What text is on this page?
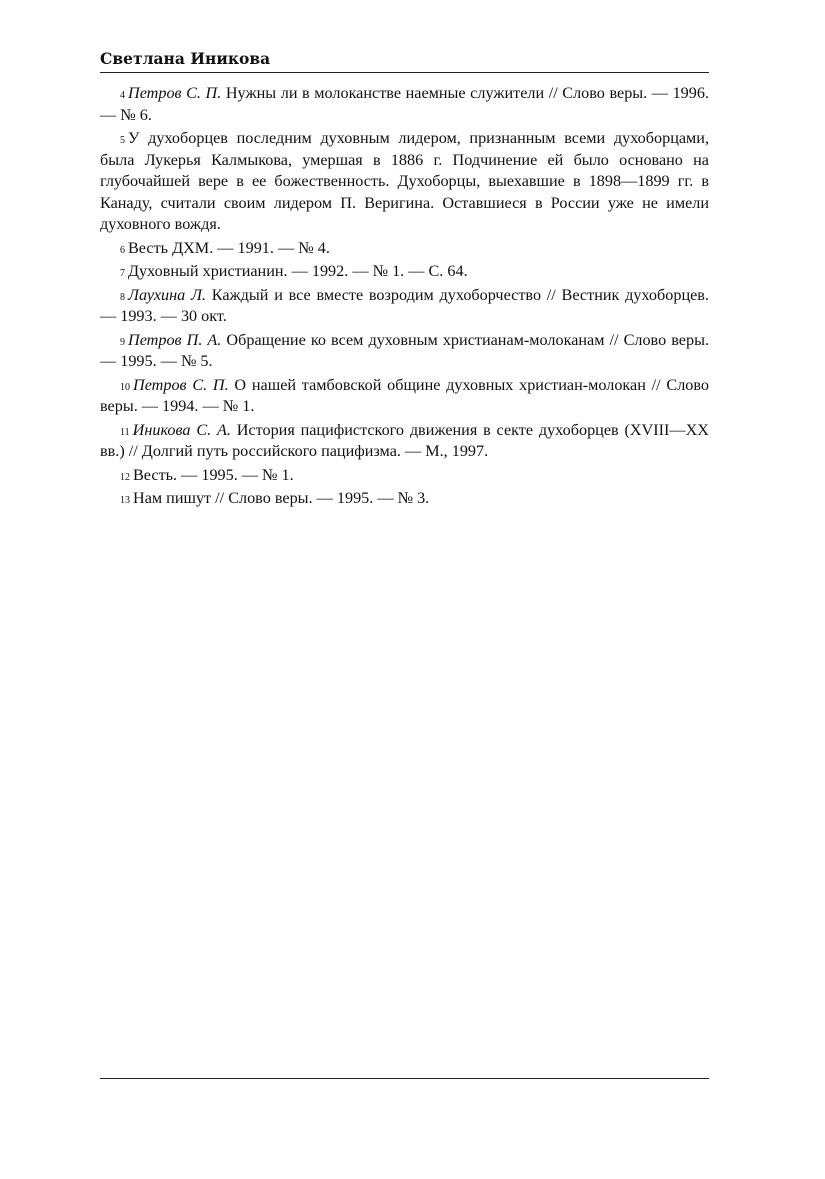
Светлана Иникова

$^4$ Петров С. П. Нужны ли в молоканстве наемные служители // Слово веры. — 1996. — № 6.

$^5$ У духоборцев последним духовным лидером, признанным всеми духоборцами, была Лукерья Калмыкова, умершая в 1886 г. Подчинение ей было основано на глубочайшей вере в ее божественность. Духоборцы, выехавшие в 1898—1899 гг. в Канаду, считали своим лидером П. Веригина. Оставшиеся в России уже не имели духовного вождя.

$^6$ Весть ДХМ. — 1991. — № 4.

$^7$ Духовный христианин. — 1992. — № 1. — С. 64.

$^8$ Лаухина Л. Каждый и все вместе возродим духоборчество // Вестник духоборцев. — 1993. — 30 окт.

$^9$ Петров П. А. Обращение ко всем духовным христианам-молоканам // Слово веры. — 1995. — № 5.

$^{10}$ Петров С. П. О нашей тамбовской общине духовных христиан-молокан // Слово веры. — 1994. — № 1.

$^{11}$ Иникова С. А. История пацифистского движения в секте духоборцев (XVIII—XX вв.) // Долгий путь российского пацифизма. — М., 1997.

$^{12}$ Весть. — 1995. — № 1.

$^{13}$ Нам пишут // Слово веры. — 1995. — № 3.
